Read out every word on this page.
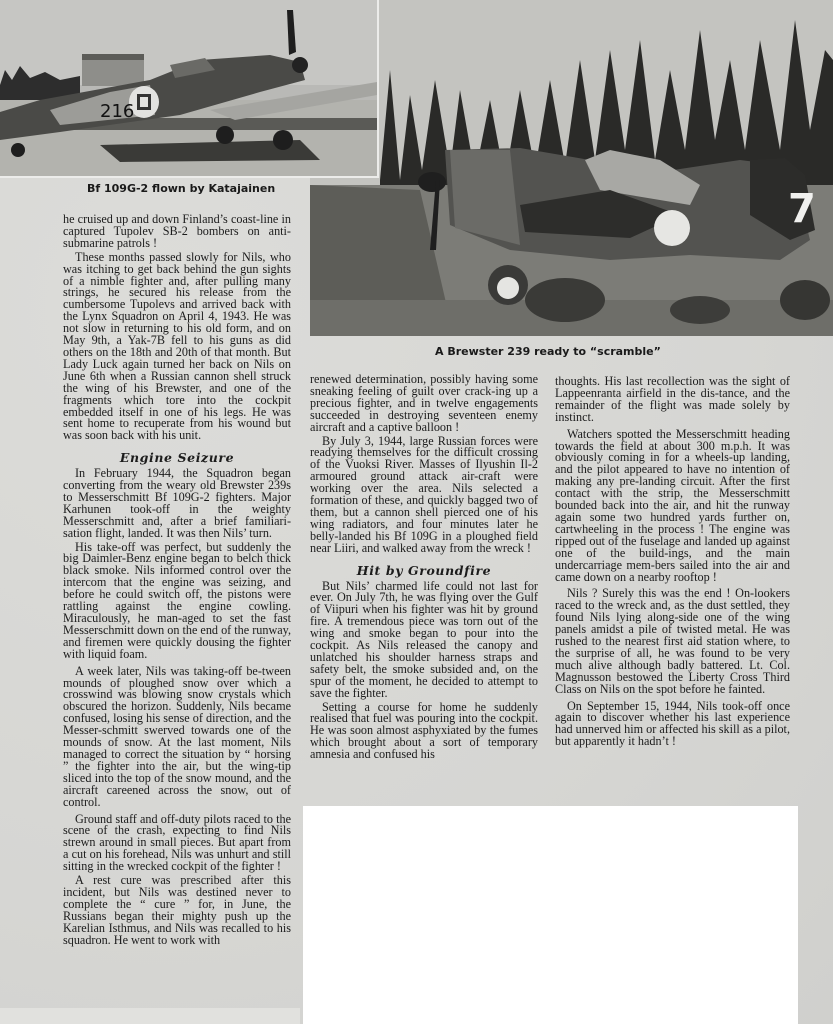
216
Bf 109G-2 flown by Katajainen	7
A Brewster 239 ready to “scramble”

he cruised up and down Finland’s coast-line in captured Tupolev SB-2 bombers on anti-submarine patrols !

These months passed slowly for Nils, who was itching to get back behind the gun sights of a nimble fighter and, after pulling many strings, he secured his release from the cumbersome Tupolevs and arrived back with the Lynx Squadron on April 4, 1943. He was not slow in returning to his old form, and on May 9th, a Yak-7B fell to his guns as did others on the 18th and 20th of that month. But Lady Luck again turned her back on Nils on June 6th when a Russian cannon shell struck the wing of his Brewster, and one of the fragments which tore into the cockpit embedded itself in one of his legs. He was sent home to recuperate from his wound but was soon back with his unit.

Engine Seizure

In February 1944, the Squadron began converting from the weary old Brewster 239s to Messerschmitt Bf 109G-2 fighters. Major Karhunen took-off in the weighty Messerschmitt and, after a brief familiari-sation flight, landed. It was then Nils’ turn.

His take-off was perfect, but suddenly the big Daimler-Benz engine began to belch thick black smoke. Nils informed control over the intercom that the engine was seizing, and before he could switch off, the pistons were rattling against the engine cowling. Miraculously, he man-aged to set the fast Messerschmitt down on the end of the runway, and firemen were quickly dousing the fighter with liquid foam.

A week later, Nils was taking-off be-tween mounds of ploughed snow over which a crosswind was blowing snow crystals which obscured the horizon. Suddenly, Nils became confused, losing his sense of direction, and the Messer-schmitt swerved towards one of the mounds of snow. At the last moment, Nils managed to correct the situation by “ horsing ” the fighter into the air, but the wing-tip sliced into the top of the snow mound, and the aircraft careened across the snow, out of control.

Ground staff and off-duty pilots raced to the scene of the crash, expecting to find Nils strewn around in small pieces. But apart from a cut on his forehead, Nils was unhurt and still sitting in the wrecked cockpit of the fighter !

A rest cure was prescribed after this incident, but Nils was destined never to complete the “ cure ” for, in June, the Russians began their mighty push up the Karelian Isthmus, and Nils was recalled to his squadron. He went to work with

renewed determination, possibly having some sneaking feeling of guilt over crack-ing up a precious fighter, and in twelve engagements succeeded in destroying seventeen enemy aircraft and a captive balloon !

By July 3, 1944, large Russian forces were readying themselves for the difficult crossing of the Vuoksi River. Masses of Ilyushin Il-2 armoured ground attack air-craft were working over the area. Nils selected a formation of these, and quickly bagged two of them, but a cannon shell pierced one of his wing radiators, and four minutes later he belly-landed his Bf 109G in a ploughed field near Liiri, and walked away from the wreck !

Hit by Groundfire

But Nils’ charmed life could not last for ever. On July 7th, he was flying over the Gulf of Viipuri when his fighter was hit by ground fire. A tremendous piece was torn out of the wing and smoke began to pour into the cockpit. As Nils released the canopy and unlatched his shoulder harness straps and safety belt, the smoke subsided and, on the spur of the moment, he decided to attempt to save the fighter.

Setting a course for home he suddenly realised that fuel was pouring into the cockpit. He was soon almost asphyxiated by the fumes which brought about a sort of temporary amnesia and confused his

thoughts. His last recollection was the sight of Lappeenranta airfield in the dis-tance, and the remainder of the flight was made solely by instinct.

Watchers spotted the Messerschmitt heading towards the field at about 300 m.p.h. It was obviously coming in for a wheels-up landing, and the pilot appeared to have no intention of making any pre-landing circuit. After the first contact with the strip, the Messerschmitt bounded back into the air, and hit the runway again some two hundred yards further on, cartwheeling in the process ! The engine was ripped out of the fuselage and landed up against one of the build-ings, and the main undercarriage mem-bers sailed into the air and came down on a nearby rooftop !

Nils ? Surely this was the end ! On-lookers raced to the wreck and, as the dust settled, they found Nils lying along-side one of the wing panels amidst a pile of twisted metal. He was rushed to the nearest first aid station where, to the surprise of all, he was found to be very much alive although badly battered. Lt. Col. Magnusson bestowed the Liberty Cross Third Class on Nils on the spot before he fainted.

On September 15, 1944, Nils took-off once again to discover whether his last experience had unnerved him or affected his skill as a pilot, but apparently it hadn’t !
